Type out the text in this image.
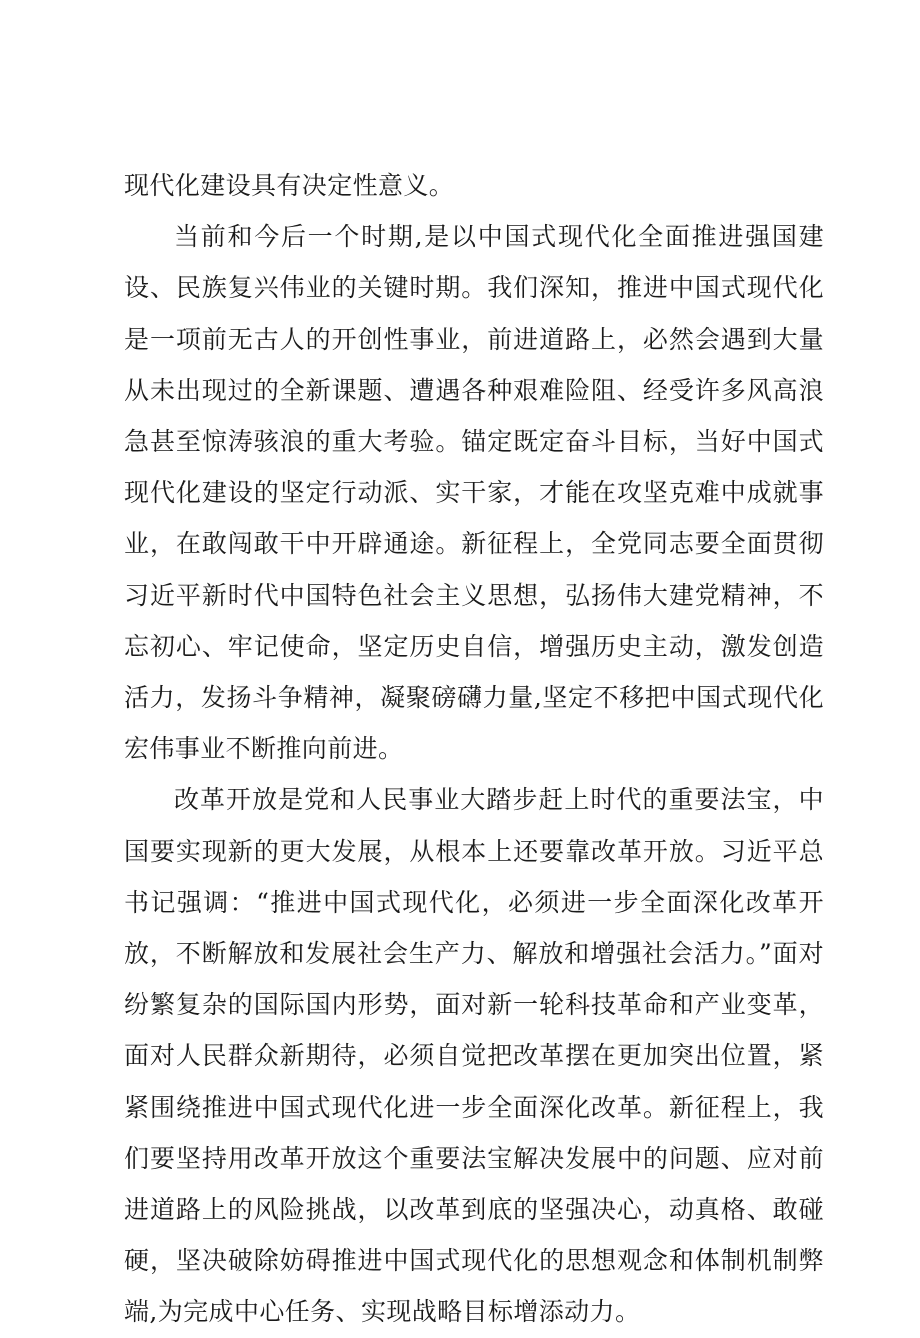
现代化建设具有决定性意义。

当前和今后一个时期,是以中国式现代化全面推进强国建设、民族复兴伟业的关键时期。我们深知，推进中国式现代化是一项前无古人的开创性事业，前进道路上，必然会遇到大量从未出现过的全新课题、遭遇各种艰难险阻、经受许多风高浪急甚至惊涛骇浪的重大考验。锚定既定奋斗目标，当好中国式现代化建设的坚定行动派、实干家，才能在攻坚克难中成就事业，在敢闯敢干中开辟通途。新征程上，全党同志要全面贯彻习近平新时代中国特色社会主义思想，弘扬伟大建党精神，不忘初心、牢记使命，坚定历史自信，增强历史主动，激发创造活力，发扬斗争精神，凝聚磅礴力量,坚定不移把中国式现代化宏伟事业不断推向前进。

改革开放是党和人民事业大踏步赶上时代的重要法宝，中国要实现新的更大发展，从根本上还要靠改革开放。习近平总书记强调：“推进中国式现代化，必须进一步全面深化改革开放，不断解放和发展社会生产力、解放和增强社会活力。”面对纷繁复杂的国际国内形势，面对新一轮科技革命和产业变革，面对人民群众新期待，必须自觉把改革摆在更加突出位置，紧紧围绕推进中国式现代化进一步全面深化改革。新征程上，我们要坚持用改革开放这个重要法宝解决发展中的问题、应对前进道路上的风险挑战，以改革到底的坚强决心，动真格、敢碰硬，坚决破除妨碍推进中国式现代化的思想观念和体制机制弊端,为完成中心任务、实现战略目标增添动力。
